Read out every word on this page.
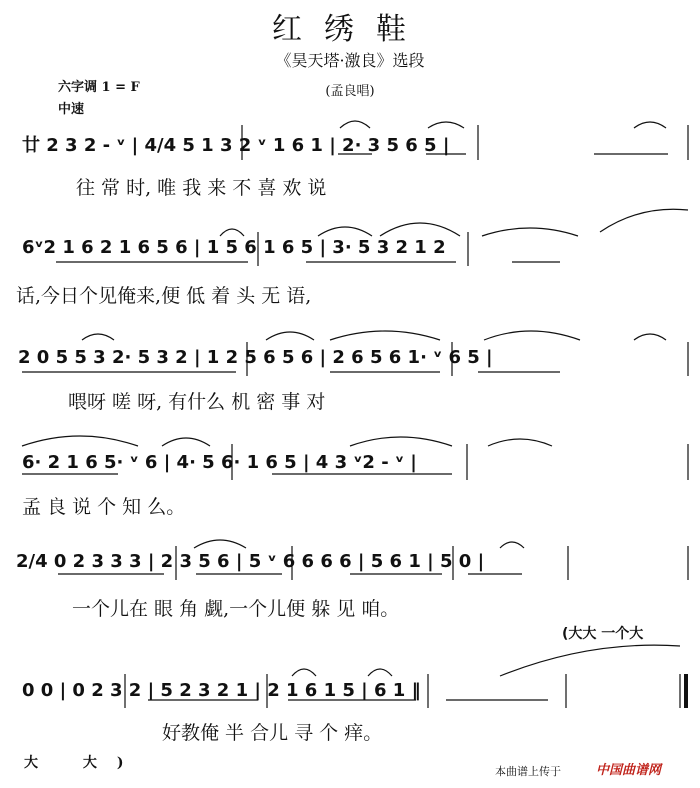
红绣鞋
《昊天塔·激良》选段
(孟良唱)
六字调 1 = F
中速
廿 2 3 2 - ᵛ | 4/4 5 1 3 2 ᵛ 1 6 1 | 2· 3 5 6 5 |
往 常 时, 唯 我 来 不 喜 欢 说
6ᵛ2 1 6 2 1 6 5 6 | 1 5 6 1 6 5 | 3· 5 3 2 1 2
话,今日个见俺来,便 低 着 头 无 语,
2 0 5 5 3 2· 5 3 2 | 1 2 5 6 5 6 | 2 6 5 6 1· ᵛ 6 5 |
喂呀 嗟 呀, 有什么 机 密 事 对
6· 2 1 6 5· ᵛ 6 | 4· 5 6· 1 6 5 | 4 3 ᵛ2 - ᵛ |
孟 良 说 个 知 么。
2/4 0 2 3 3 3 | 2 3 5 6 | 5 ᵛ 6 6 6 6 | 5 6 1 | 5 0 |
一个儿在 眼 角 觑,一个儿便 躲 见 咱。
(大大 一个大
0 0 | 0 2 3 2 | 5 2 3 2 1 | 2 1 6 1 5 | 6 1 ‖
好教俺 半 合儿 寻 个 痒。
大 大)
本曲谱上传于	中国曲谱网
